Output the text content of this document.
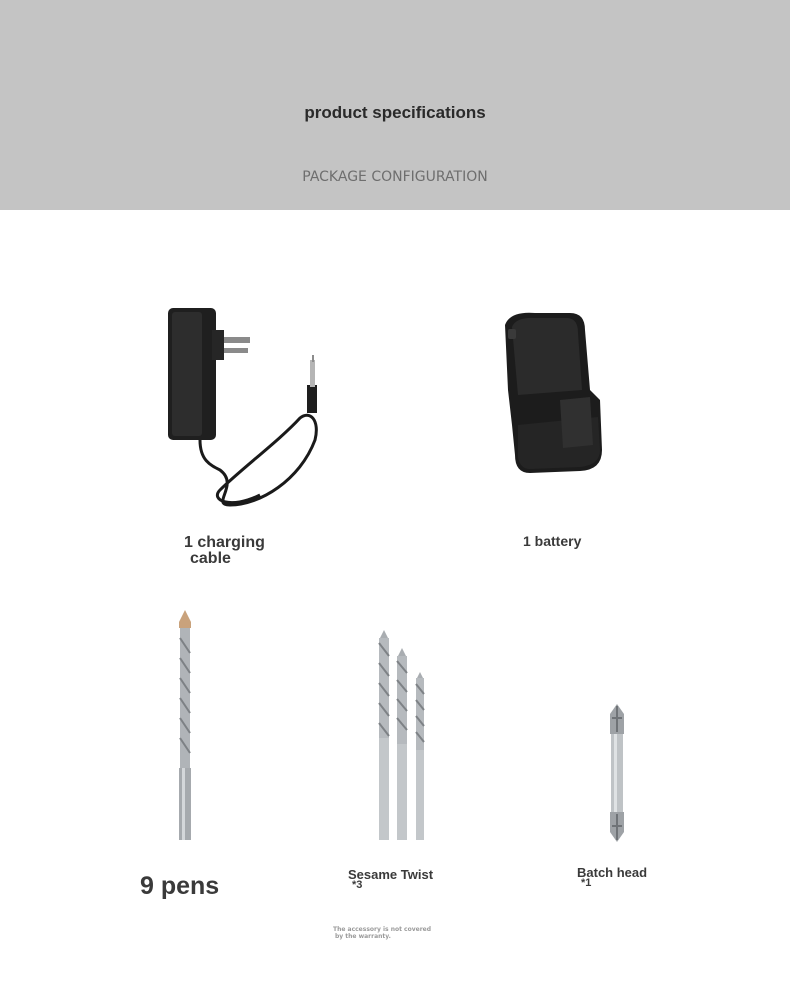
product specifications
PACKAGE CONFIGURATION
1 charging
cable
1 battery
9 pens	Sesame Twist
*3
Batch head
*1
The accessory is not covered
by the warranty.
